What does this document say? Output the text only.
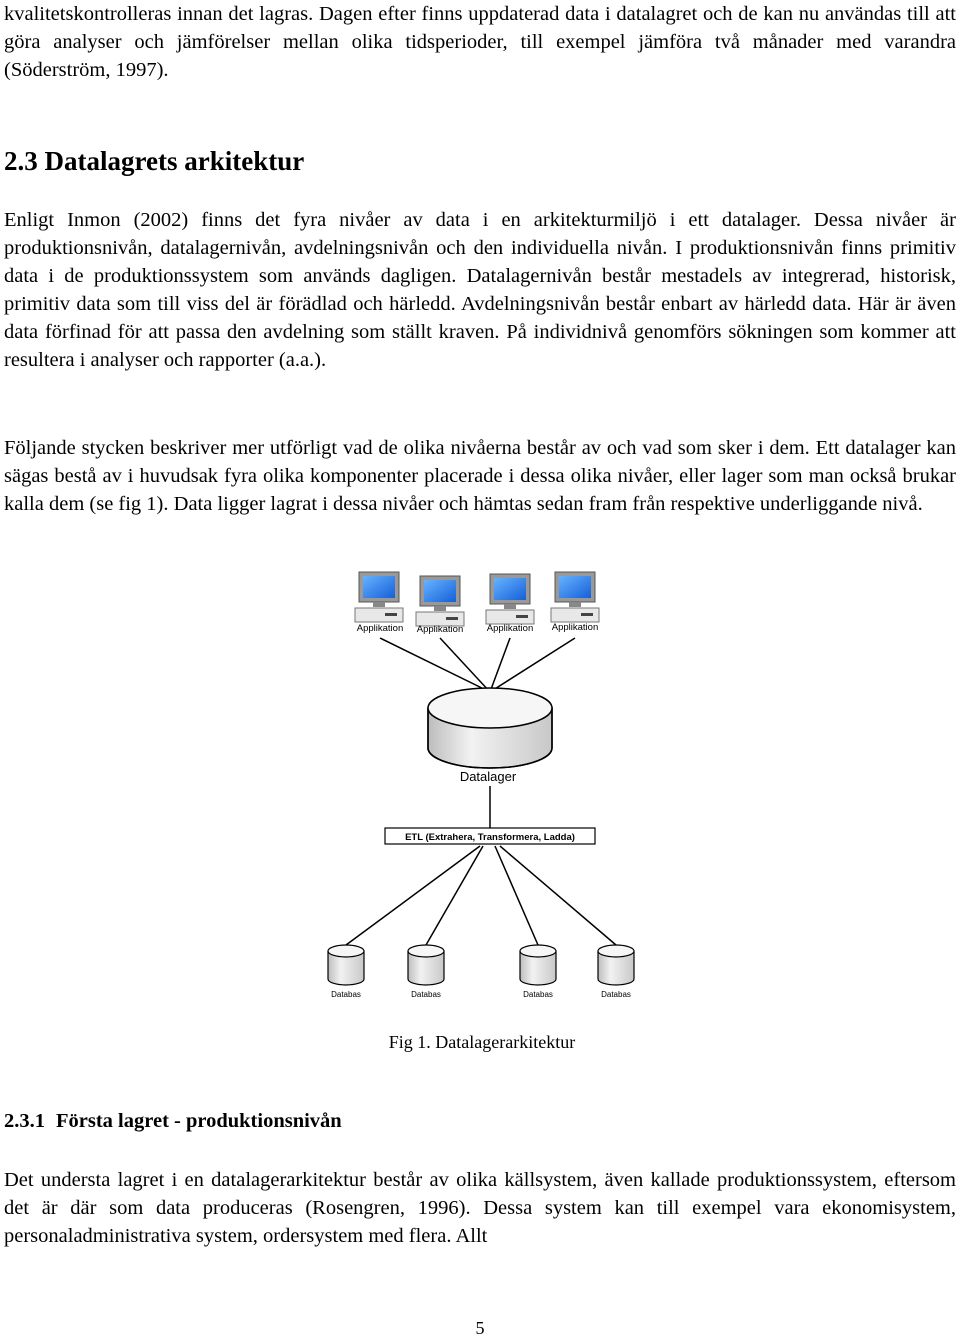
kvalitetskontrolleras innan det lagras. Dagen efter finns uppdaterad data i datalagret och de kan nu användas till att göra analyser och jämförelser mellan olika tidsperioder, till exempel jämföra två månader med varandra (Söderström, 1997).

2.3 Datalagrets arkitektur

Enligt Inmon (2002) finns det fyra nivåer av data i en arkitekturmiljö i ett datalager. Dessa nivåer är produktionsnivån, datalagernivån, avdelningsnivån och den individuella nivån. I produktionsnivån finns primitiv data i de produktionssystem som används dagligen. Datalagernivån består mestadels av integrerad, historisk, primitiv data som till viss del är förädlad och härledd. Avdelningsnivån består enbart av härledd data. Här är även data förfinad för att passa den avdelning som ställt kraven. På individnivå genomförs sökningen som kommer att resultera i analyser och rapporter (a.a.).

Följande stycken beskriver mer utförligt vad de olika nivåerna består av och vad som sker i dem. Ett datalager kan sägas bestå av i huvudsak fyra olika komponenter placerade i dessa olika nivåer, eller lager som man också brukar kalla dem (se fig 1). Data ligger lagrat i dessa nivåer och hämtas sedan fram från respektive underliggande nivå.

Applikation Applikation Applikation Applikation
Datalager
ETL (Extrahera, Transformera, Ladda)
Databas	Databas	Databas	Databas

Fig 1. Datalagerarkitektur

2.3.1 Första lagret - produktionsnivån

Det understa lagret i en datalagerarkitektur består av olika källsystem, även kallade produktionssystem, eftersom det är där som data produceras (Rosengren, 1996). Dessa system kan till exempel vara ekonomisystem, personaladministrativa system, ordersystem med flera. Allt

5
